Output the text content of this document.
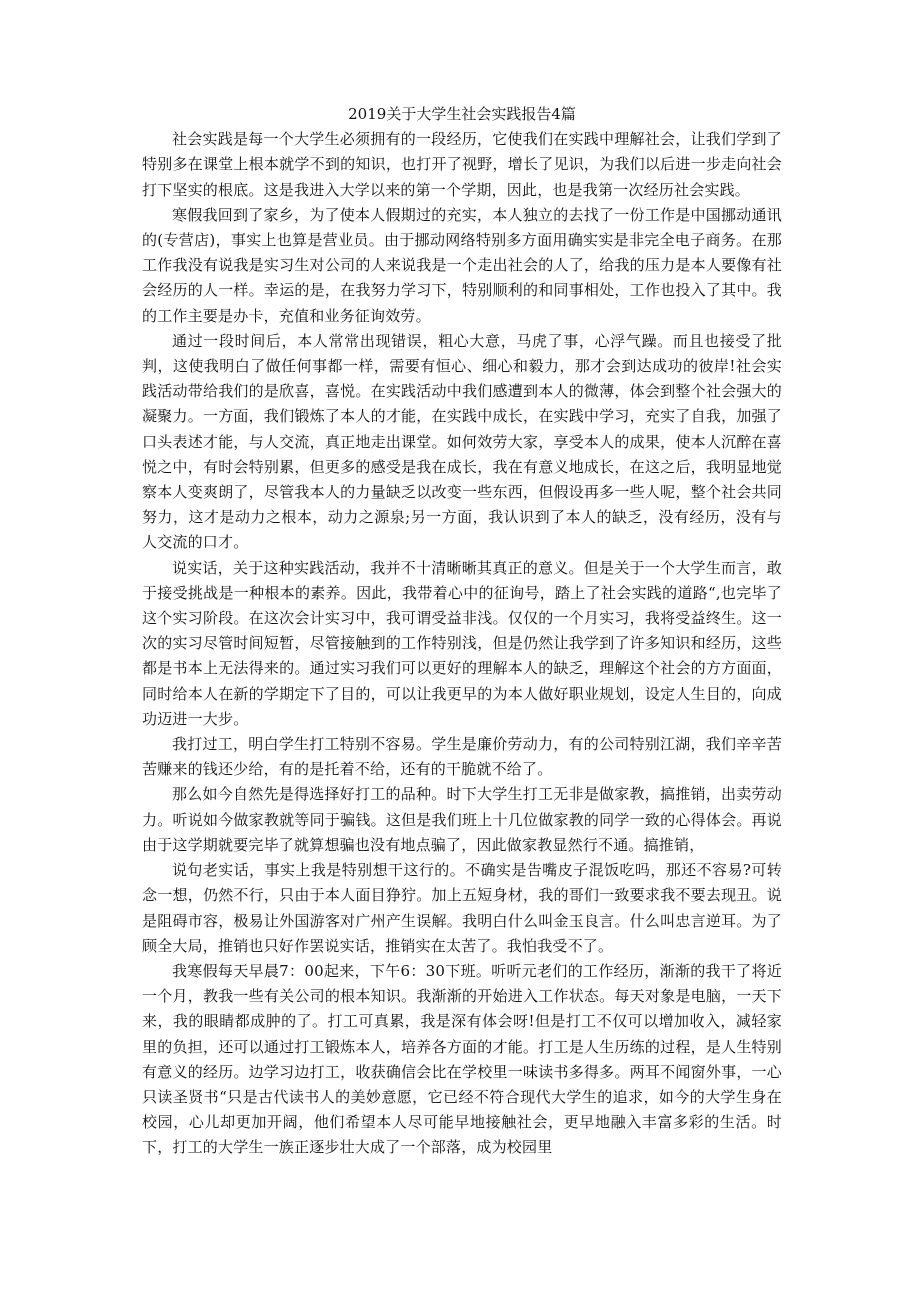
2019关于大学生社会实践报告4篇

社会实践是每一个大学生必须拥有的一段经历，它使我们在实践中理解社会，让我们学到了特别多在课堂上根本就学不到的知识，也打开了视野，增长了见识，为我们以后进一步走向社会打下坚实的根底。这是我进入大学以来的第一个学期，因此，也是我第一次经历社会实践。

寒假我回到了家乡，为了使本人假期过的充实，本人独立的去找了一份工作是中国挪动通讯的(专营店)，事实上也算是营业员。由于挪动网络特别多方面用确实实是非完全电子商务。在那工作我没有说我是实习生对公司的人来说我是一个走出社会的人了，给我的压力是本人要像有社会经历的人一样。幸运的是，在我努力学习下，特别顺利的和同事相处，工作也投入了其中。我的工作主要是办卡，充值和业务征询效劳。

通过一段时间后，本人常常出现错误，粗心大意，马虎了事，心浮气躁。而且也接受了批判，这使我明白了做任何事都一样，需要有恒心、细心和毅力，那才会到达成功的彼岸!社会实践活动带给我们的是欣喜，喜悦。在实践活动中我们感遭到本人的微薄，体会到整个社会强大的凝聚力。一方面，我们锻炼了本人的才能，在实践中成长，在实践中学习，充实了自我，加强了口头表述才能，与人交流，真正地走出课堂。如何效劳大家，享受本人的成果，使本人沉醉在喜悦之中，有时会特别累，但更多的感受是我在成长，我在有意义地成长，在这之后，我明显地觉察本人变爽朗了，尽管我本人的力量缺乏以改变一些东西，但假设再多一些人呢，整个社会共同努力，这才是动力之根本，动力之源泉;另一方面，我认识到了本人的缺乏，没有经历，没有与人交流的口才。

说实话，关于这种实践活动，我并不十清晰晰其真正的意义。但是关于一个大学生而言，敢于接受挑战是一种根本的素养。因此，我带着心中的征询号，踏上了社会实践的道路“,也完毕了这个实习阶段。在这次会计实习中，我可谓受益非浅。仅仅的一个月实习，我将受益终生。这一次的实习尽管时间短暂，尽管接触到的工作特别浅，但是仍然让我学到了许多知识和经历，这些都是书本上无法得来的。通过实习我们可以更好的理解本人的缺乏，理解这个社会的方方面面，同时给本人在新的学期定下了目的，可以让我更早的为本人做好职业规划，设定人生目的，向成功迈进一大步。

我打过工，明白学生打工特别不容易。学生是廉价劳动力，有的公司特别江湖，我们辛辛苦苦赚来的钱还少给，有的是托着不给，还有的干脆就不给了。

那么如今自然先是得选择好打工的品种。时下大学生打工无非是做家教，搞推销，出卖劳动力。听说如今做家教就等同于骗钱。这但是我们班上十几位做家教的同学一致的心得体会。再说由于这学期就要完毕了就算想骗也没有地点骗了，因此做家教显然行不通。搞推销，

说句老实话，事实上我是特别想干这行的。不确实是告嘴皮子混饭吃吗，那还不容易?可转念一想，仍然不行，只由于本人面目狰狞。加上五短身材，我的哥们一致要求我不要去现丑。说是阻碍市容，极易让外国游客对广州产生误解。我明白什么叫金玉良言。什么叫忠言逆耳。为了顾全大局，推销也只好作罢说实话，推销实在太苦了。我怕我受不了。

我寒假每天早晨7：00起来，下午6：30下班。听听元老们的工作经历，渐渐的我干了将近一个月，教我一些有关公司的根本知识。我渐渐的开始进入工作状态。每天对象是电脑，一天下来，我的眼睛都成肿的了。打工可真累，我是深有体会呀!但是打工不仅可以增加收入，减轻家里的负担，还可以通过打工锻炼本人，培养各方面的才能。打工是人生历练的过程，是人生特别有意义的经历。边学习边打工，收获确信会比在学校里一味读书多得多。两耳不闻窗外事，一心只读圣贤书“只是古代读书人的美妙意愿，它已经不符合现代大学生的追求，如今的大学生身在校园，心儿却更加开阔，他们希望本人尽可能早地接触社会，更早地融入丰富多彩的生活。时下，打工的大学生一族正逐步壮大成了一个部落，成为校园里
